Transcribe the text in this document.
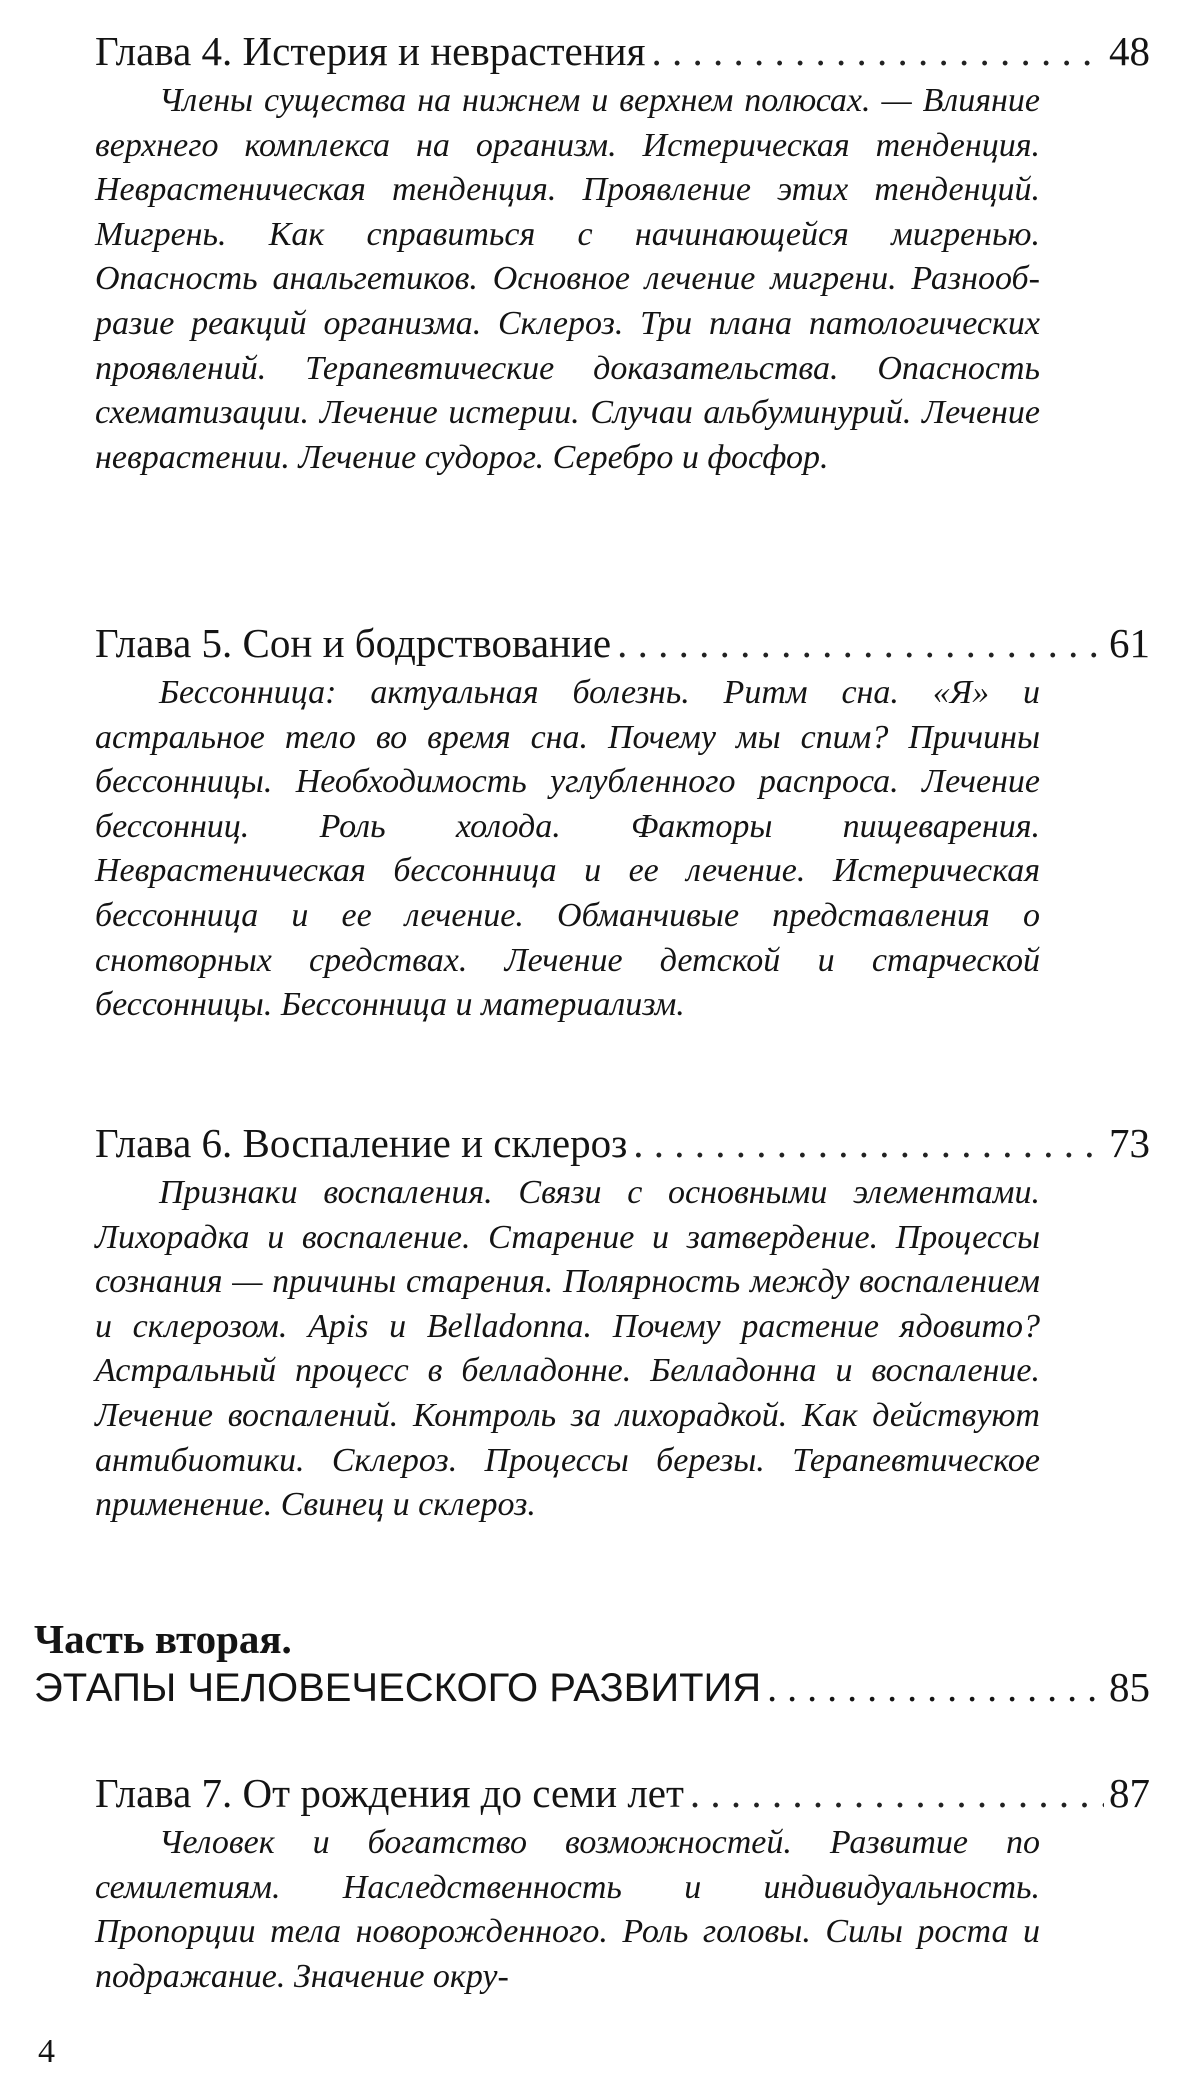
Глава 4. Истерия и неврастения . . .	48

Члены существа на нижнем и верхнем полюсах. — Влияние верхнего комплекса на организм. Истерическая тенденция. Неврастеническая тенденция. Проявление этих тенденций. Мигрень. Как справиться с начинающейся мигренью. Опасность анальгетиков. Основное лечение мигрени. Разнообразие реакций организма. Склероз. Три плана патологических проявлений. Терапевтические доказательства. Опасность схематизации. Лечение истерии. Случаи альбуминурий. Лечение неврастении. Лечение судорог. Серебро и фосфор.

Глава 5. Сон и бодрствование . . .	61

Бессонница: актуальная болезнь. Ритм сна. «Я» и астральное тело во время сна. Почему мы спим? Причины бессонницы. Необходимость углубленного распроса. Лечение бессонниц. Роль холода. Факторы пищеварения. Неврастеническая бессонница и ее лечение. Истерическая бессонница и ее лечение. Обманчивые представления о снотворных средствах. Лечение детской и старческой бессонницы. Бессонница и материализм.

Глава 6. Воспаление и склероз . . .	73

Признаки воспаления. Связи с основными элементами. Лихорадка и воспаление. Старение и затвердение. Процессы сознания — причины старения. Полярность между воспалением и склерозом. Apis и Belladonna. Почему растение ядовито? Астральный процесс в белладонне. Белладонна и воспаление. Лечение воспалений. Контроль за лихорадкой. Как действуют антибиотики. Склероз. Процессы березы. Терапевтическое применение. Свинец и склероз.

Часть вторая.
ЭТАПЫ ЧЕЛОВЕЧЕСКОГО РАЗВИТИЯ . . .	85
Глава 7. От рождения до семи лет . . .	87

Человек и богатство возможностей. Развитие по семилетиям. Наследственность и индивидуальность. Пропорции тела новорожденного. Роль головы. Силы роста и подражание. Значение окру-

4
